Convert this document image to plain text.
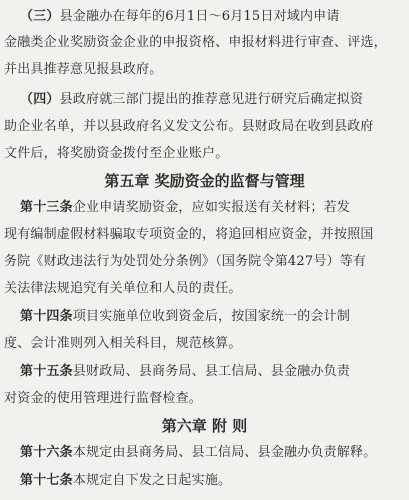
（三）县金融办在每年的6月1日～6月15日对域内申请
金融类企业奖励资金企业的申报资格、申报材料进行审查、评选，
并出具推荐意见报县政府。
（四）县政府就三部门提出的推荐意见进行研究后确定拟资
助企业名单，并以县政府名义发文公布。县财政局在收到县政府
文件后，将奖励资金拨付至企业账户。
第五章 奖励资金的监督与管理
第十三条企业申请奖励资金，应如实报送有关材料；若发
现有编制虚假材料骗取专项资金的，将追回相应资金，并按照国
务院《财政违法行为处罚处分条例》（国务院令第427号）等有
关法律法规追究有关单位和人员的责任。
第十四条项目实施单位收到资金后，按国家统一的会计制
度、会计准则列入相关科目，规范核算。
第十五条县财政局、县商务局、县工信局、县金融办负责
对资金的使用管理进行监督检查。
第六章 附 则
第十六条本规定由县商务局、县工信局、县金融办负责解释。
第十七条本规定自下发之日起实施。
